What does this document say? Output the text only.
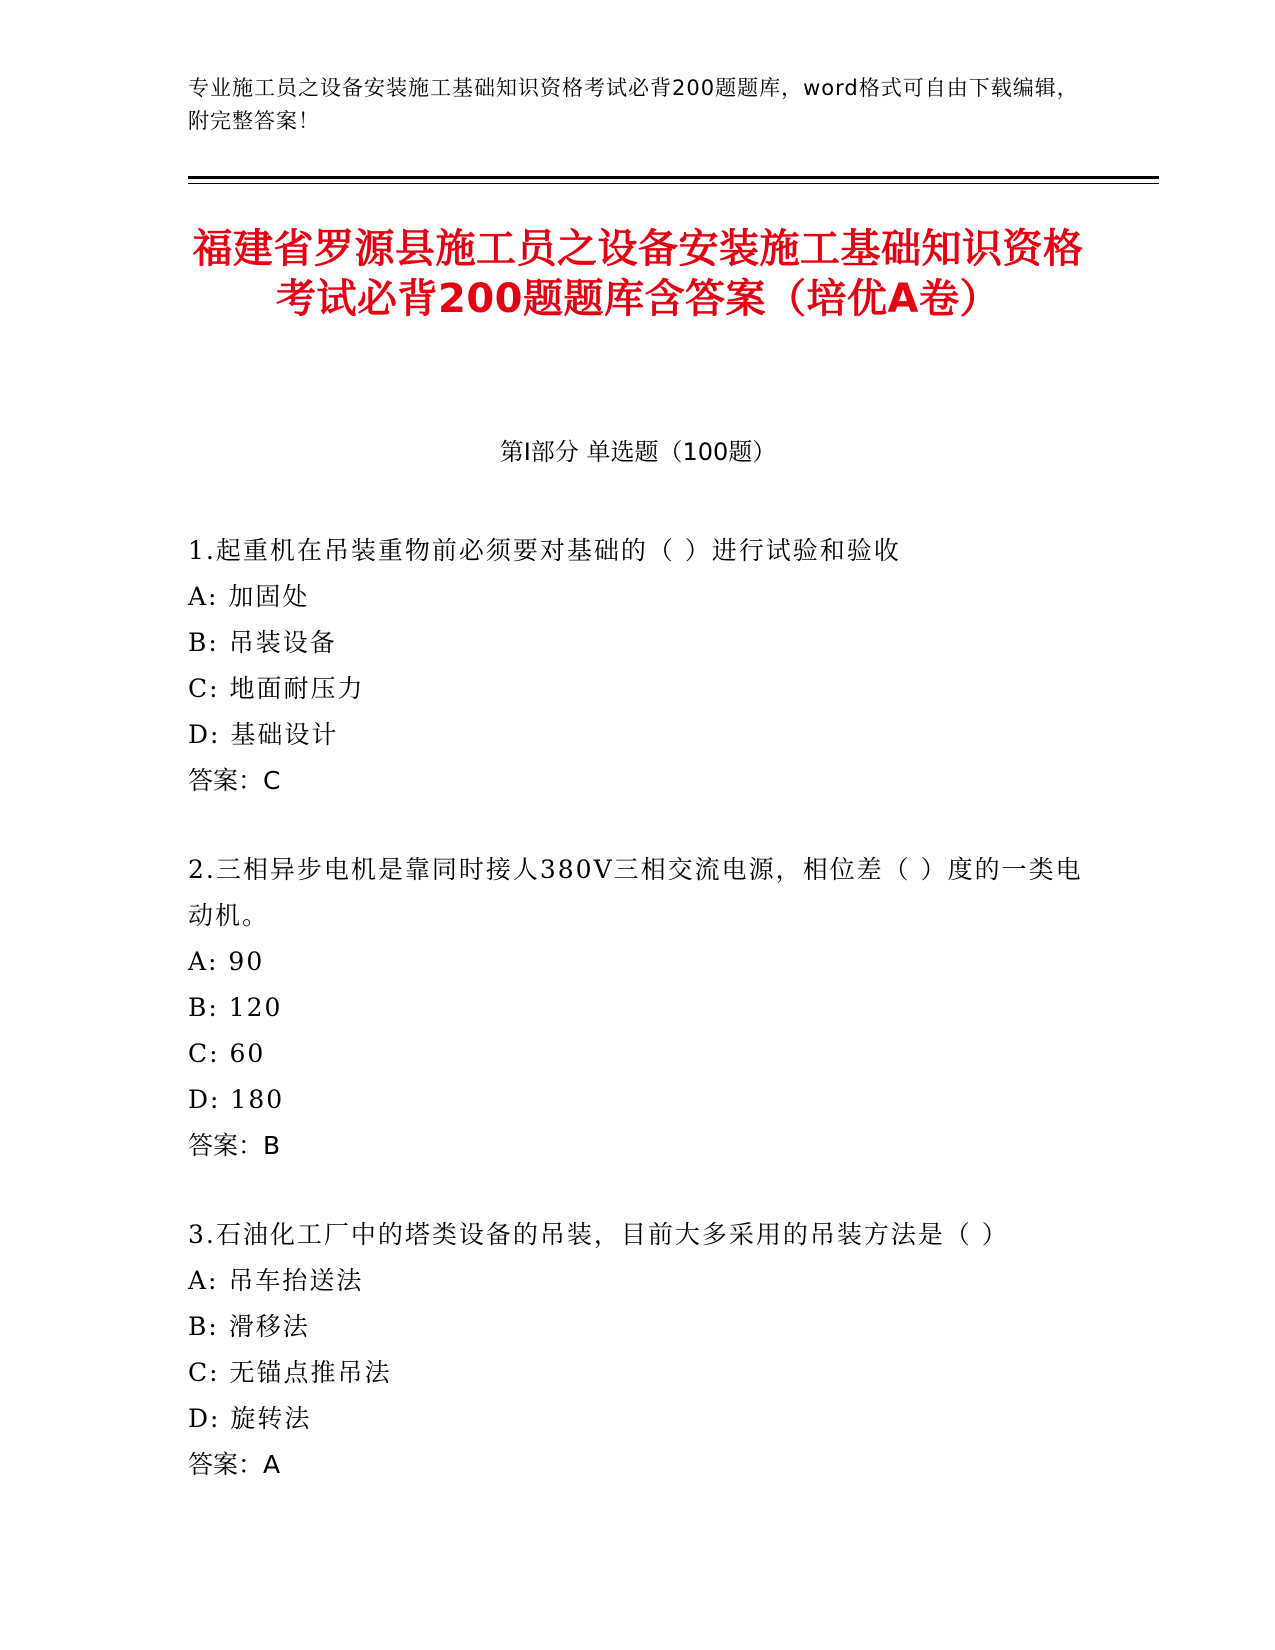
专业施工员之设备安装施工基础知识资格考试必背200题题库，word格式可自由下载编辑，附完整答案！
福建省罗源县施工员之设备安装施工基础知识资格考试必背200题题库含答案（培优A卷）
第I部分 单选题（100题）

1.起重机在吊装重物前必须要对基础的（ ）进行试验和验收

A: 加固处

B: 吊装设备

C: 地面耐压力

D: 基础设计

答案：C

2.三相异步电机是靠同时接人380V三相交流电源，相位差（ ）度的一类电动机。

A: 90

B: 120

C: 60

D: 180

答案：B

3.石油化工厂中的塔类设备的吊装，目前大多采用的吊装方法是（ ）

A: 吊车抬送法

B: 滑移法

C: 无锚点推吊法

D: 旋转法

答案：A
